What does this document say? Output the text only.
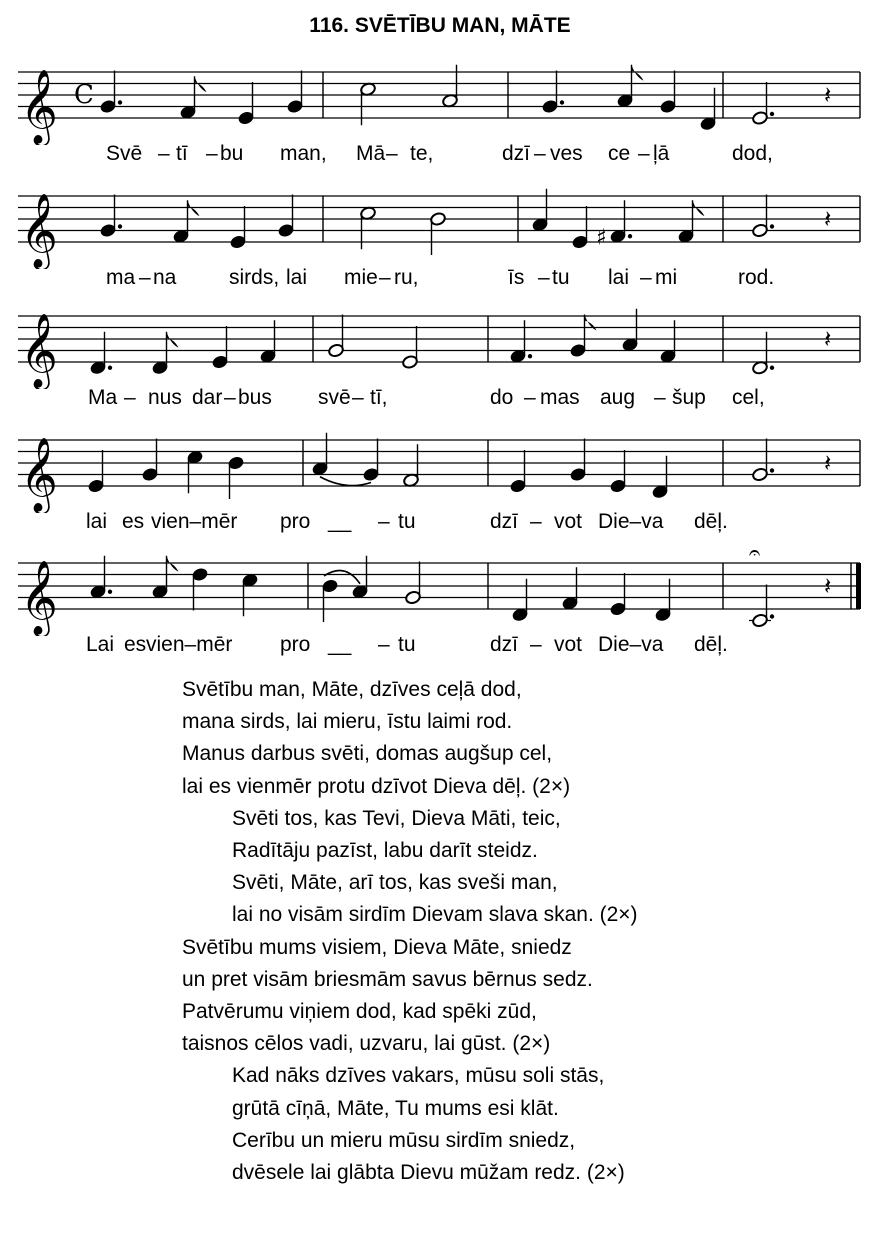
116. SVĒTĪBU MAN, MĀTE
𝄞 C	𝄽
Svē – tī – bu man, Mā – te,	dzī – ves ce – ļā	dod,
𝄞	♯
𝄽
ma – na	sirds, lai mie – ru,	īs – tu lai – mi	rod.
𝄞	𝄽
Ma – nus dar – bus svē – tī,	do – mas aug – šup cel,
𝄞	𝄽
lai es vien–mēr pro __ – tu	dzī – vot Die–va dēļ.
𝄞	𝄽
𝄐
Lai es vien–mēr pro __ – tu	dzī – vot Die–va dēļ.
Svētību man, Māte, dzīves ceļā dod,
mana sirds, lai mieru, īstu laimi rod.
Manus darbus svēti, domas augšup cel,
lai es vienmēr protu dzīvot Dieva dēļ. (2×)
Svēti tos, kas Tevi, Dieva Māti, teic,
Radītāju pazīst, labu darīt steidz.
Svēti, Māte, arī tos, kas sveši man,
lai no visām sirdīm Dievam slava skan. (2×)
Svētību mums visiem, Dieva Māte, sniedz
un pret visām briesmām savus bērnus sedz.
Patvērumu viņiem dod, kad spēki zūd,
taisnos cēlos vadi, uzvaru, lai gūst. (2×)
Kad nāks dzīves vakars, mūsu soli stās,
grūtā cīņā, Māte, Tu mums esi klāt.
Cerību un mieru mūsu sirdīm sniedz,
dvēsele lai glābta Dievu mūžam redz. (2×)
